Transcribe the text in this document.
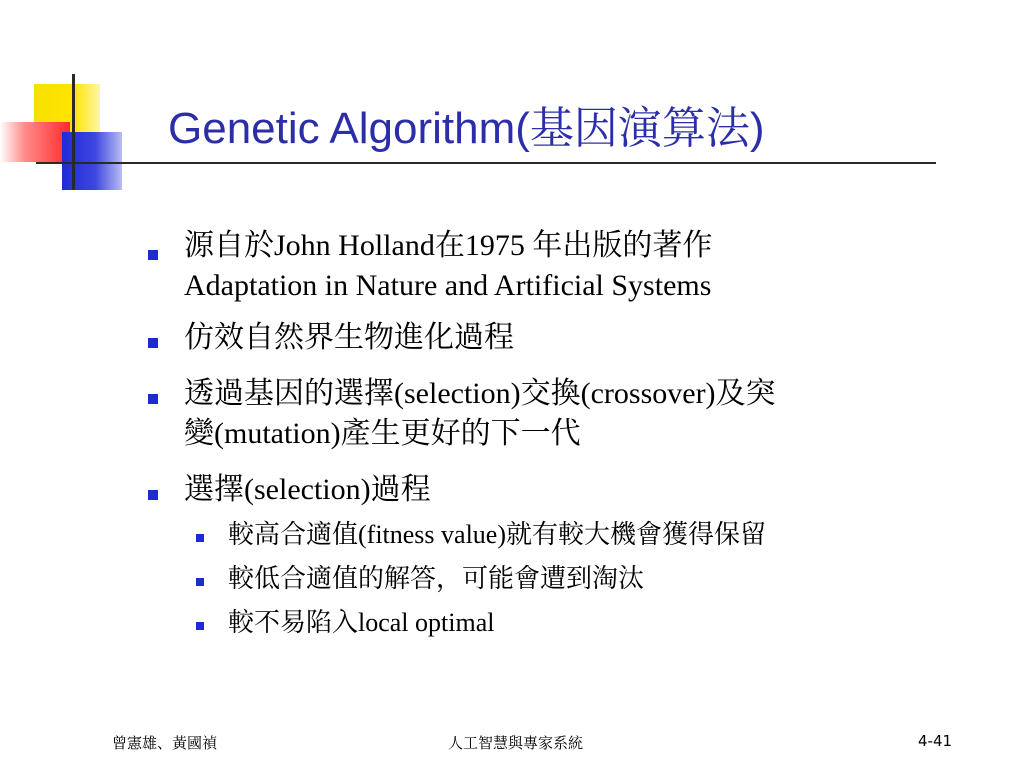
Genetic Algorithm(基因演算法)
源自於John Holland在1975 年出版的著作
Adaptation in Nature and Artificial Systems
仿效自然界生物進化過程
透過基因的選擇(selection)交換(crossover)及突
變(mutation)產生更好的下一代
選擇(selection)過程
較高合適值(fitness value)就有較大機會獲得保留
較低合適值的解答，可能會遭到淘汰
較不易陷入local optimal
曾憲雄、黃國禎	人工智慧與專家系統	4-41
